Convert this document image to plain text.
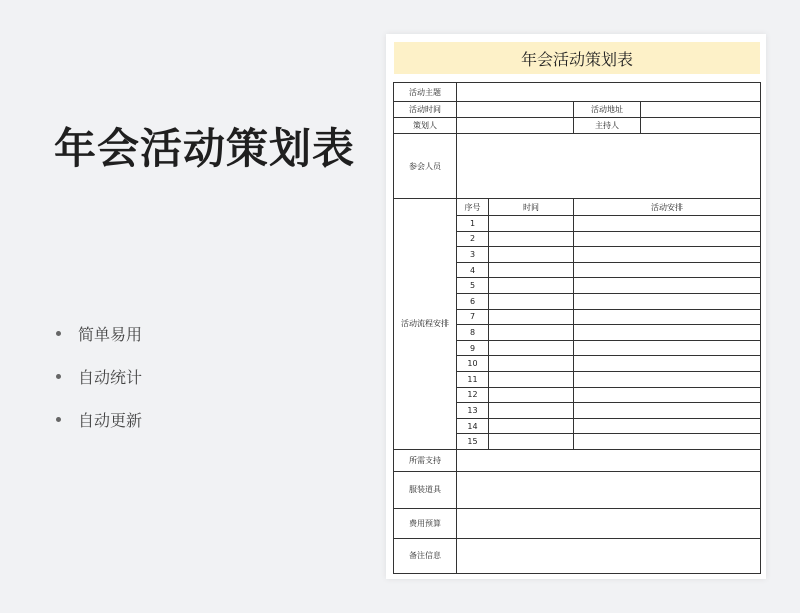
年会活动策划表
简单易用
自动统计
自动更新
年会活动策划表
活动主题				
活动时间			活动地址	
策划人			主持人	
参会人员				
活动流程安排	序号	时间	活动安排	
	1			
	2			
	3			
	4			
	5			
	6			
	7			
	8			
	9			
	10			
	11			
	12			
	13			
	14			
	15			
所需支持				
服装道具				
费用预算				
备注信息				
